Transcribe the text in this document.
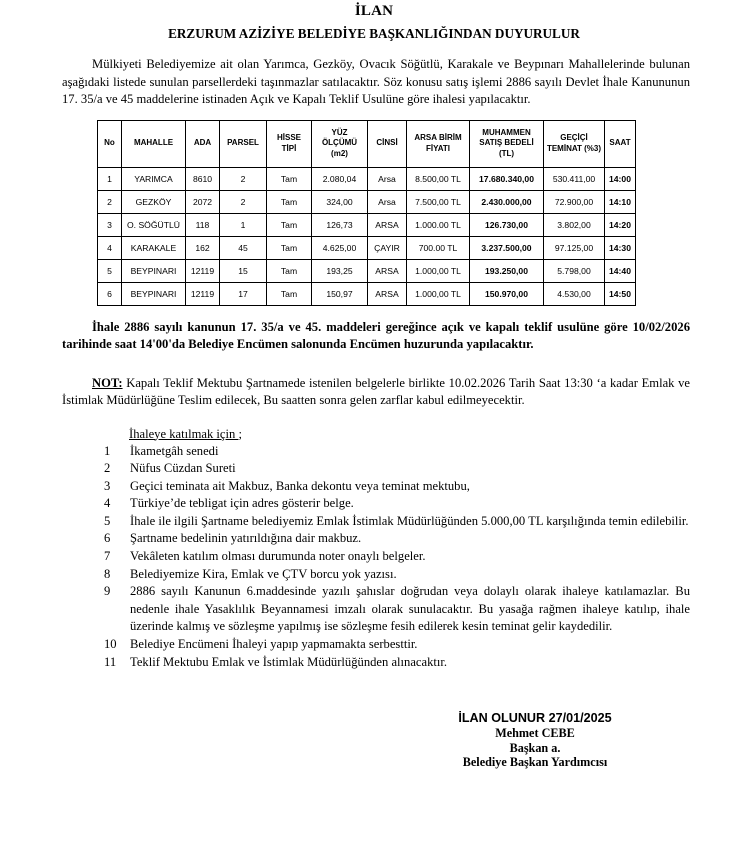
İLAN
ERZURUM AZİZİYE BELEDİYE BAŞKANLIĞINDAN DUYURULUR

Mülkiyeti Belediyemize ait olan Yarımca, Gezköy, Ovacık Söğütlü, Karakale ve Beypınarı Mahallelerinde bulunan aşağıdaki listede sunulan parsellerdeki taşınmazlar satılacaktır. Söz konusu satış işlemi 2886 sayılı Devlet İhale Kanununun 17. 35/a ve 45 maddelerine istinaden Açık ve Kapalı Teklif Usulüne göre ihalesi yapılacaktır.

No	MAHALLE	ADA	PARSEL	HİSSE TİPİ	YÜZ ÖLÇÜMÜ (m2)	CİNSİ	ARSA BİRİM FİYATI	MUHAMMEN SATIŞ BEDELİ (TL)	GEÇİÇİ TEMİNAT (%3)	SAAT
1	YARIMCA	8610	2	Tam	2.080,04	Arsa	8.500,00 TL	17.680.340,00	530.411,00	14:00
2	GEZKÖY	2072	2	Tam	324,00	Arsa	7.500,00 TL	2.430.000,00	72.900,00	14:10
3	O. SÖĞÜTLÜ	118	1	Tam	126,73	ARSA	1.000.00 TL	126.730,00	3.802,00	14:20
4	KARAKALE	162	45	Tam	4.625,00	ÇAYIR	700.00 TL	3.237.500,00	97.125,00	14:30
5	BEYPINARI	12119	15	Tam	193,25	ARSA	1.000,00 TL	193.250,00	5.798,00	14:40
6	BEYPINARI	12119	17	Tam	150,97	ARSA	1.000,00 TL	150.970,00	4.530,00	14:50

İhale 2886 sayılı kanunun 17. 35/a ve 45. maddeleri gereğince açık ve kapalı teklif usulüne göre 10/02/2026 tarihinde saat 14'00'da Belediye Encümen salonunda Encümen huzurunda yapılacaktır.

NOT: Kapalı Teklif Mektubu Şartnamede istenilen belgelerle birlikte 10.02.2026 Tarih Saat 13:30 ‘a kadar Emlak ve İstimlak Müdürlüğüne Teslim edilecek, Bu saatten sonra gelen zarflar kabul edilmeyecektir.

İhaleye katılmak için ;
1	İkametgâh senedi
2	Nüfus Cüzdan Sureti
3	Geçici teminata ait Makbuz, Banka dekontu veya teminat mektubu,
4	Türkiye’de tebligat için adres gösterir belge.
5	İhale ile ilgili Şartname belediyemiz Emlak İstimlak Müdürlüğünden 5.000,00 TL karşılığında temin edilebilir.
6	Şartname bedelinin yatırıldığına dair makbuz.
7	Vekâleten katılım olması durumunda noter onaylı belgeler.
8	Belediyemize Kira, Emlak ve ÇTV borcu yok yazısı.
9	2886 sayılı Kanunun 6.maddesinde yazılı şahıslar doğrudan veya dolaylı olarak ihaleye katılamazlar. Bu nedenle ihale Yasaklılık Beyannamesi imzalı olarak sunulacaktır. Bu yasağa rağmen ihaleye katılıp, ihale üzerinde kalmış ve sözleşme yapılmış ise sözleşme fesih edilerek kesin teminat gelir kaydedilir.
10	Belediye Encümeni İhaleyi yapıp yapmamakta serbesttir.
11	Teklif Mektubu Emlak ve İstimlak Müdürlüğünden alınacaktır.
İLAN OLUNUR 27/01/2025
Mehmet CEBE
Başkan a.
Belediye Başkan Yardımcısı
